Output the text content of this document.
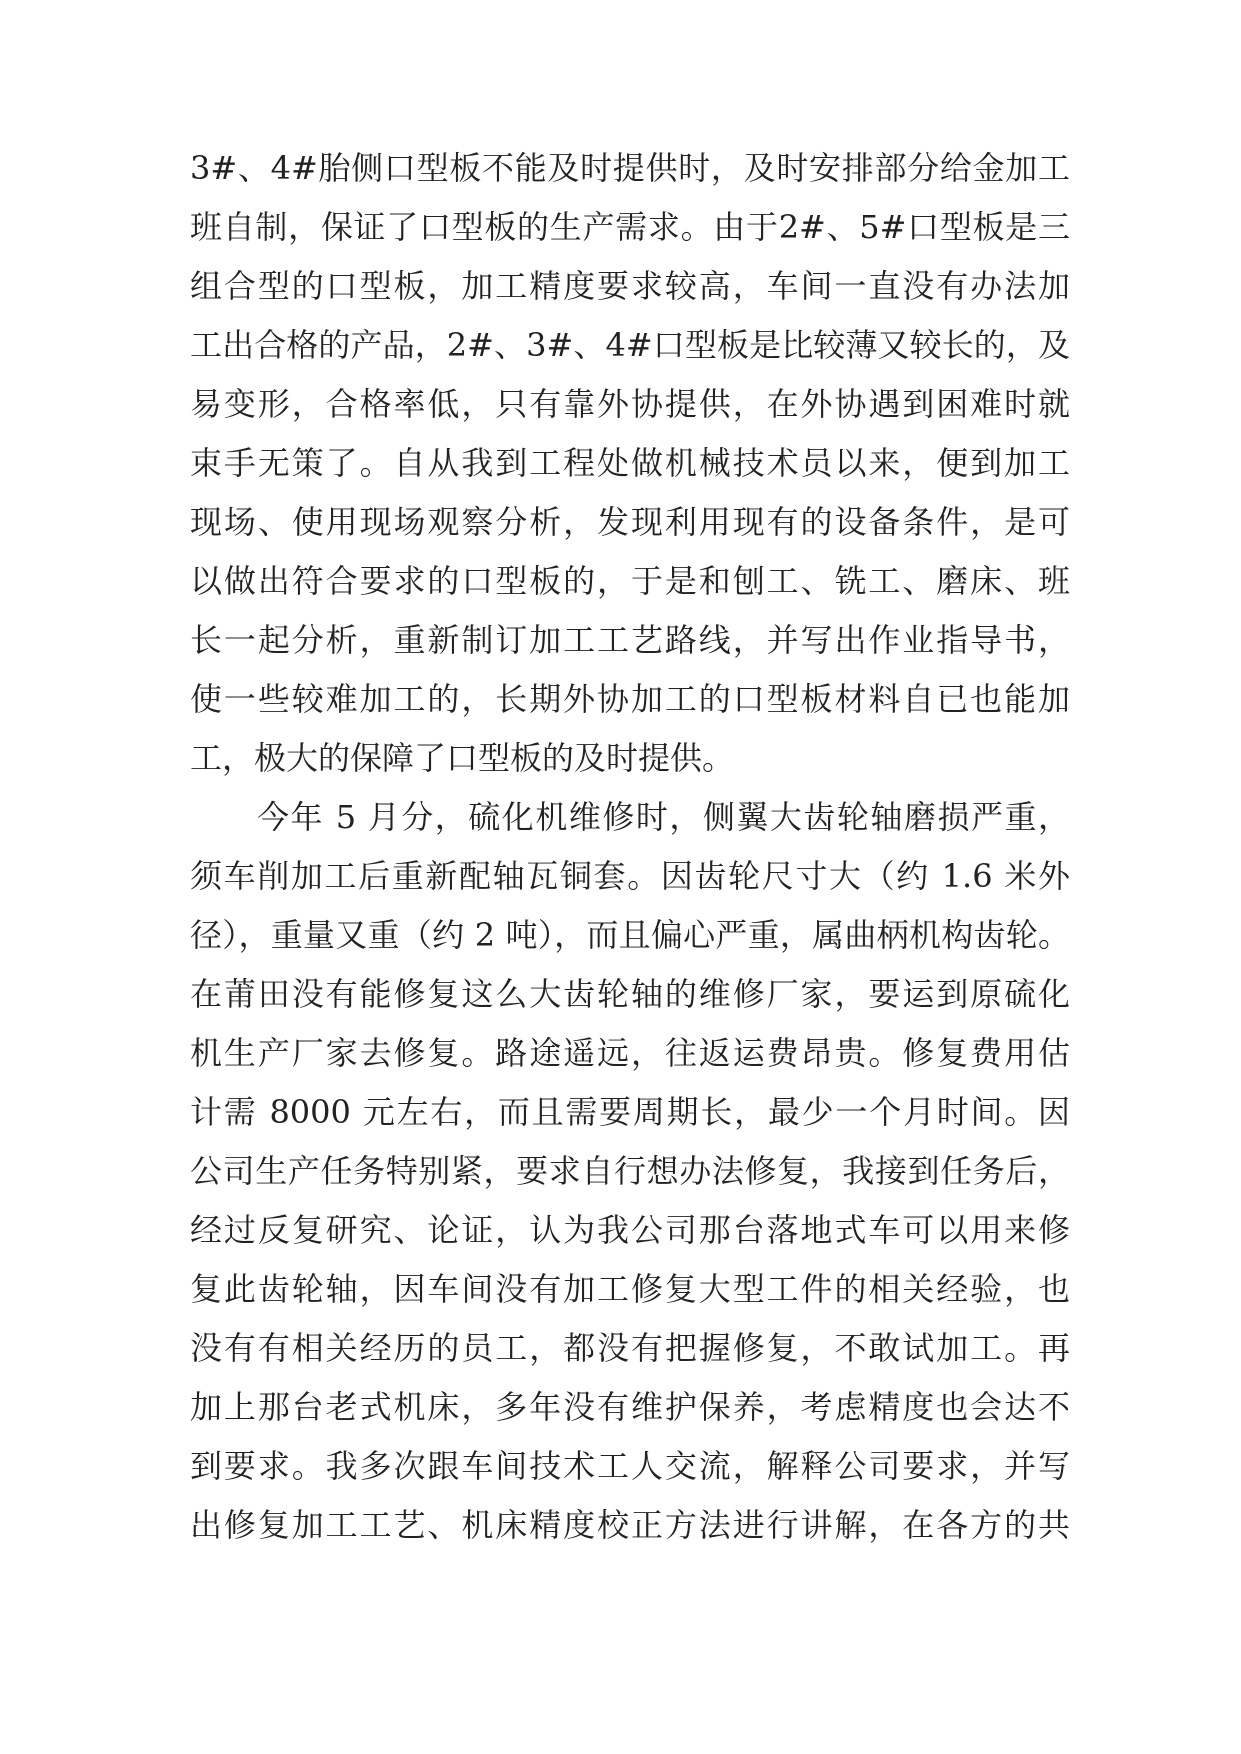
3#、4#胎侧口型板不能及时提供时，及时安排部分给金加工
班自制，保证了口型板的生产需求。由于2#、5#口型板是三
组合型的口型板，加工精度要求较高，车间一直没有办法加
工出合格的产品，2#、3#、4#口型板是比较薄又较长的，及
易变形，合格率低，只有靠外协提供，在外协遇到困难时就
束手无策了。自从我到工程处做机械技术员以来，便到加工
现场、使用现场观察分析，发现利用现有的设备条件，是可
以做出符合要求的口型板的，于是和刨工、铣工、磨床、班
长一起分析，重新制订加工工艺路线，并写出作业指导书，
使一些较难加工的，长期外协加工的口型板材料自已也能加
工，极大的保障了口型板的及时提供。
　　今年 5 月分，硫化机维修时，侧翼大齿轮轴磨损严重，
须车削加工后重新配轴瓦铜套。因齿轮尺寸大（约 1.6 米外
径），重量又重（约 2 吨），而且偏心严重，属曲柄机构齿轮。
在莆田没有能修复这么大齿轮轴的维修厂家，要运到原硫化
机生产厂家去修复。路途遥远，往返运费昂贵。修复费用估
计需 8000 元左右，而且需要周期长，最少一个月时间。因
公司生产任务特别紧，要求自行想办法修复，我接到任务后，
经过反复研究、论证，认为我公司那台落地式车可以用来修
复此齿轮轴，因车间没有加工修复大型工件的相关经验，也
没有有相关经历的员工，都没有把握修复，不敢试加工。再
加上那台老式机床，多年没有维护保养，考虑精度也会达不
到要求。我多次跟车间技术工人交流，解释公司要求，并写
出修复加工工艺、机床精度校正方法进行讲解，在各方的共
